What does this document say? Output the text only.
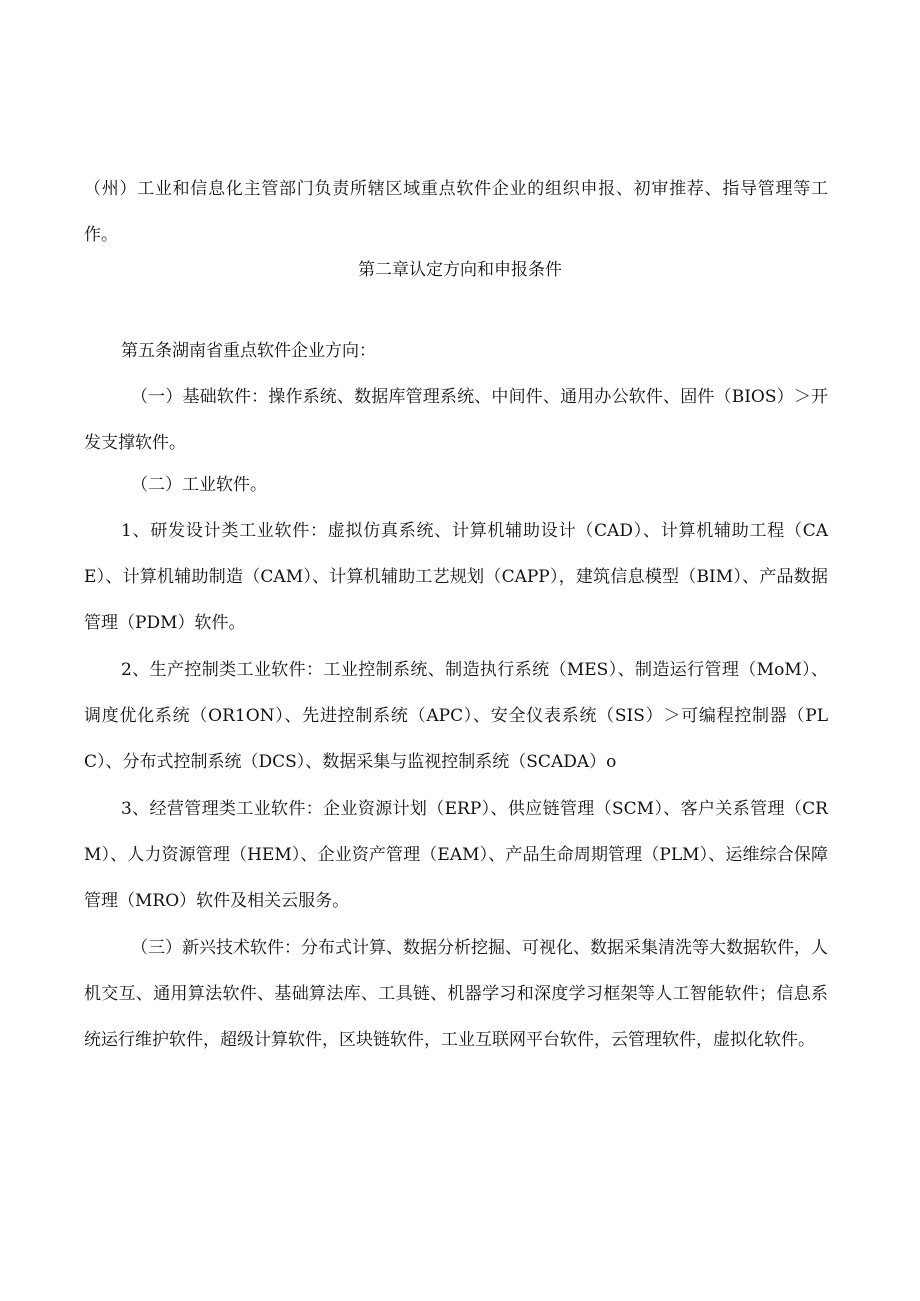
（州）工业和信息化主管部门负责所辖区域重点软件企业的组织申报、初审推荐、指导管理等工作。

第二章认定方向和申报条件

第五条湖南省重点软件企业方向：

（一）基础软件：操作系统、数据库管理系统、中间件、通用办公软件、固件（BIOS）＞开发支撑软件。

（二）工业软件。

1、研发设计类工业软件：虚拟仿真系统、计算机辅助设计（CAD）、计算机辅助工程（CAE）、计算机辅助制造（CAM）、计算机辅助工艺规划（CAPP），建筑信息模型（BIM）、产品数据管理（PDM）软件。

2、生产控制类工业软件：工业控制系统、制造执行系统（MES）、制造运行管理（MoM）、调度优化系统（OR1ON）、先进控制系统（APC）、安全仪表系统（SIS）＞可编程控制器（PLC）、分布式控制系统（DCS）、数据采集与监视控制系统（SCADA）o

3、经营管理类工业软件：企业资源计划（ERP）、供应链管理（SCM）、客户关系管理（CRM）、人力资源管理（HEM）、企业资产管理（EAM）、产品生命周期管理（PLM）、运维综合保障管理（MRO）软件及相关云服务。

（三）新兴技术软件：分布式计算、数据分析挖掘、可视化、数据采集清洗等大数据软件，人机交互、通用算法软件、基础算法库、工具链、机器学习和深度学习框架等人工智能软件；信息系统运行维护软件，超级计算软件，区块链软件，工业互联网平台软件，云管理软件，虚拟化软件。
